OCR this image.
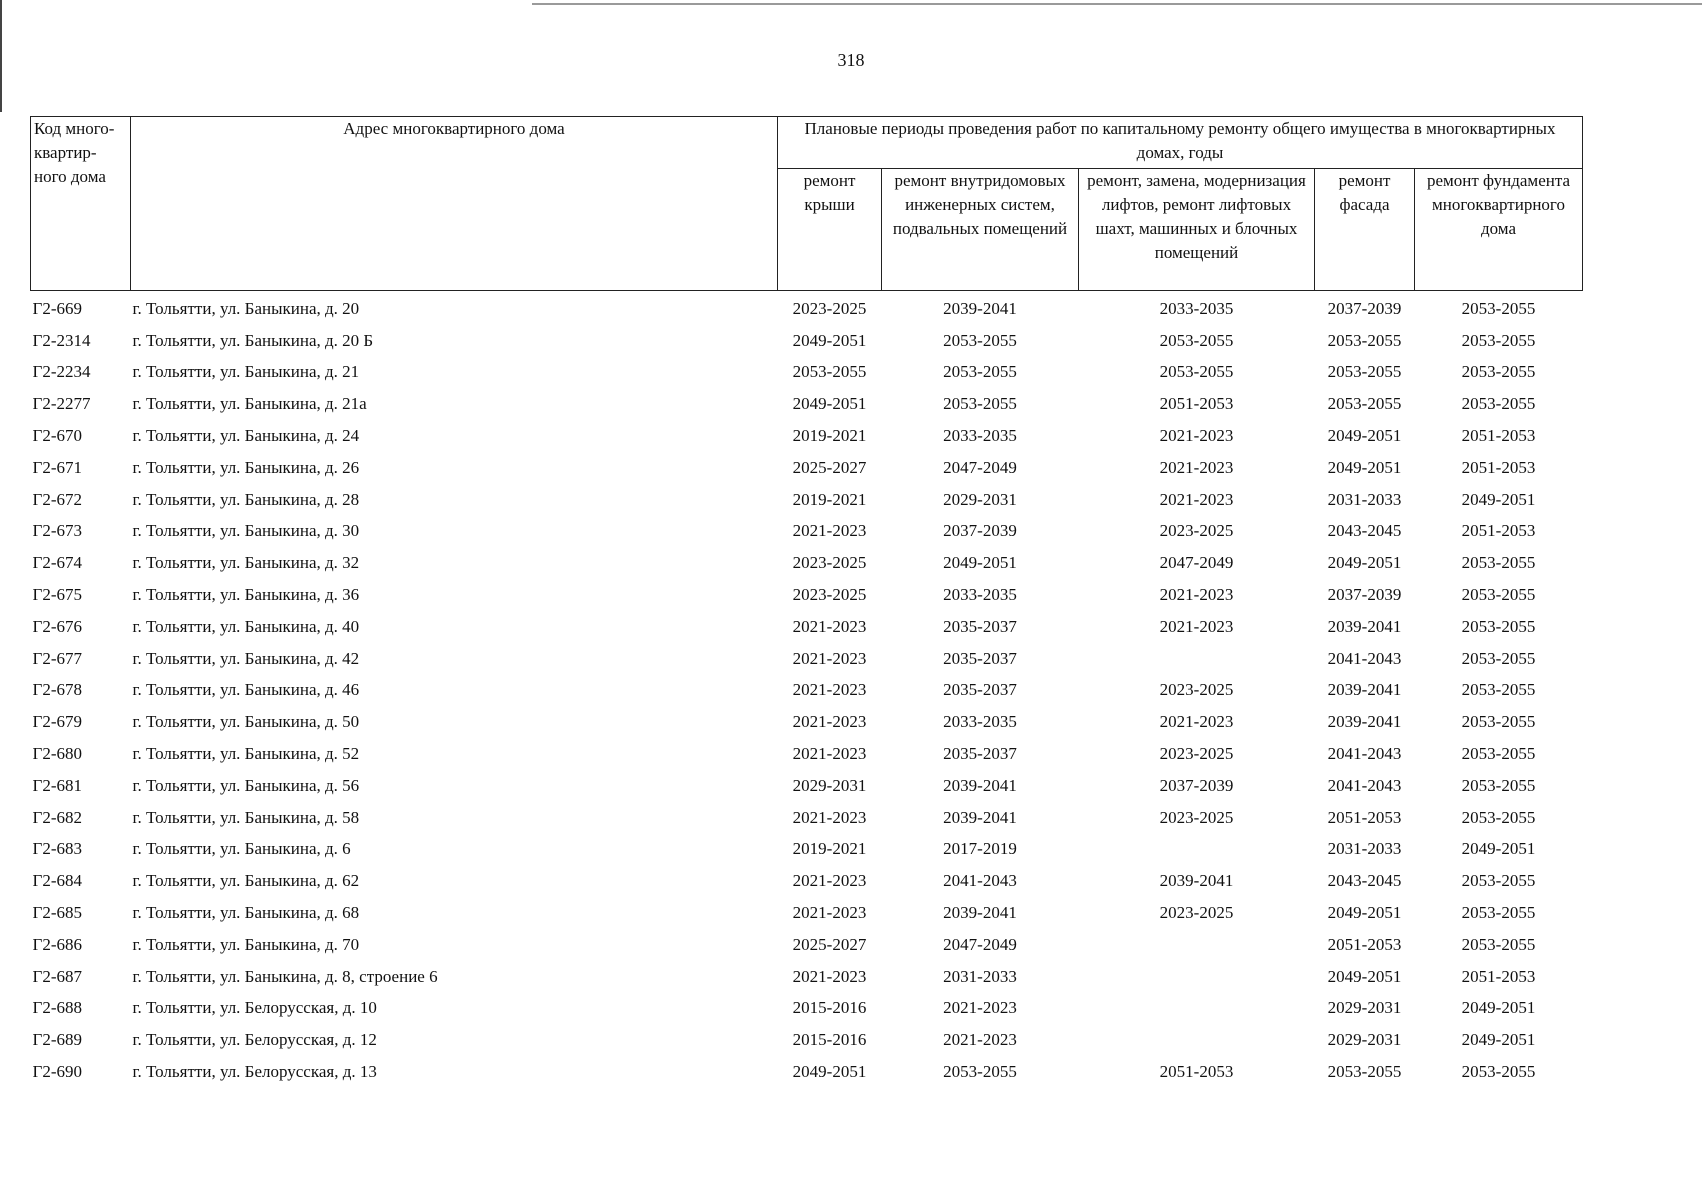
318
Код много-квартир-ного дома	Адрес многоквартирного дома	Плановые периоды проведения работ по капитальному ремонту общего имущества в многоквартирных домах, годы				
		ремонт крыши	ремонт внутридомовых инженерных систем, подвальных помещений	ремонт, замена, модернизация лифтов, ремонт лифтовых шахт, машинных и блочных помещений	ремонт фасада	ремонт фундамента многоквартирного дома
Г2-669	г. Тольятти, ул. Баныкина, д. 20	2023-2025	2039-2041	2033-2035	2037-2039	2053-2055
Г2-2314	г. Тольятти, ул. Баныкина, д. 20 Б	2049-2051	2053-2055	2053-2055	2053-2055	2053-2055
Г2-2234	г. Тольятти, ул. Баныкина, д. 21	2053-2055	2053-2055	2053-2055	2053-2055	2053-2055
Г2-2277	г. Тольятти, ул. Баныкина, д. 21а	2049-2051	2053-2055	2051-2053	2053-2055	2053-2055
Г2-670	г. Тольятти, ул. Баныкина, д. 24	2019-2021	2033-2035	2021-2023	2049-2051	2051-2053
Г2-671	г. Тольятти, ул. Баныкина, д. 26	2025-2027	2047-2049	2021-2023	2049-2051	2051-2053
Г2-672	г. Тольятти, ул. Баныкина, д. 28	2019-2021	2029-2031	2021-2023	2031-2033	2049-2051
Г2-673	г. Тольятти, ул. Баныкина, д. 30	2021-2023	2037-2039	2023-2025	2043-2045	2051-2053
Г2-674	г. Тольятти, ул. Баныкина, д. 32	2023-2025	2049-2051	2047-2049	2049-2051	2053-2055
Г2-675	г. Тольятти, ул. Баныкина, д. 36	2023-2025	2033-2035	2021-2023	2037-2039	2053-2055
Г2-676	г. Тольятти, ул. Баныкина, д. 40	2021-2023	2035-2037	2021-2023	2039-2041	2053-2055
Г2-677	г. Тольятти, ул. Баныкина, д. 42	2021-2023	2035-2037		2041-2043	2053-2055
Г2-678	г. Тольятти, ул. Баныкина, д. 46	2021-2023	2035-2037	2023-2025	2039-2041	2053-2055
Г2-679	г. Тольятти, ул. Баныкина, д. 50	2021-2023	2033-2035	2021-2023	2039-2041	2053-2055
Г2-680	г. Тольятти, ул. Баныкина, д. 52	2021-2023	2035-2037	2023-2025	2041-2043	2053-2055
Г2-681	г. Тольятти, ул. Баныкина, д. 56	2029-2031	2039-2041	2037-2039	2041-2043	2053-2055
Г2-682	г. Тольятти, ул. Баныкина, д. 58	2021-2023	2039-2041	2023-2025	2051-2053	2053-2055
Г2-683	г. Тольятти, ул. Баныкина, д. 6	2019-2021	2017-2019		2031-2033	2049-2051
Г2-684	г. Тольятти, ул. Баныкина, д. 62	2021-2023	2041-2043	2039-2041	2043-2045	2053-2055
Г2-685	г. Тольятти, ул. Баныкина, д. 68	2021-2023	2039-2041	2023-2025	2049-2051	2053-2055
Г2-686	г. Тольятти, ул. Баныкина, д. 70	2025-2027	2047-2049		2051-2053	2053-2055
Г2-687	г. Тольятти, ул. Баныкина, д. 8, строение 6	2021-2023	2031-2033		2049-2051	2051-2053
Г2-688	г. Тольятти, ул. Белорусская, д. 10	2015-2016	2021-2023		2029-2031	2049-2051
Г2-689	г. Тольятти, ул. Белорусская, д. 12	2015-2016	2021-2023		2029-2031	2049-2051
Г2-690	г. Тольятти, ул. Белорусская, д. 13	2049-2051	2053-2055	2051-2053	2053-2055	2053-2055
